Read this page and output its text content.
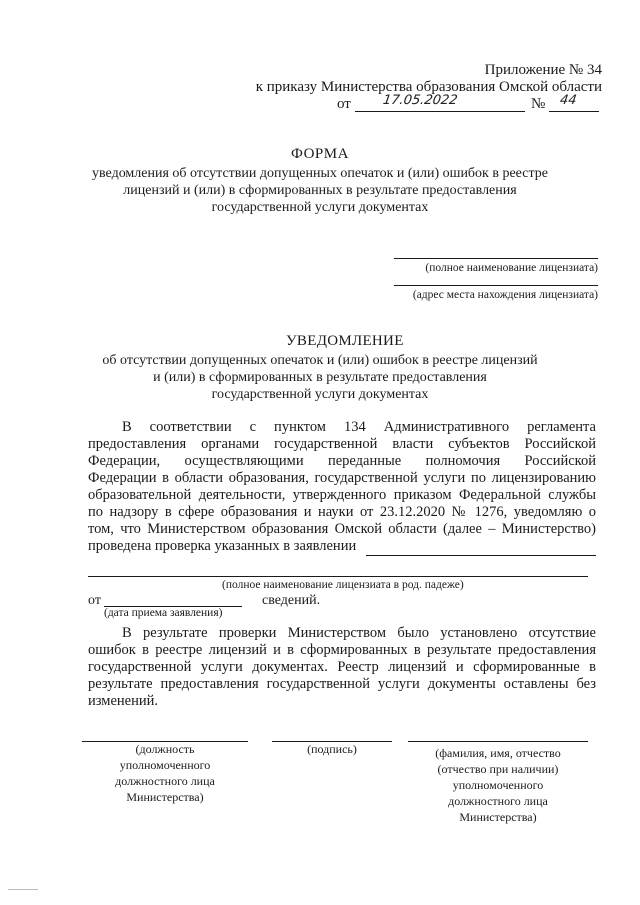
Приложение № 34
к приказу Министерства образования Омской области
от 17.05.2022	№ 44
ФОРМА
уведомления об отсутствии допущенных опечаток и (или) ошибок в реестре
лицензий и (или) в сформированных в результате предоставления
государственной услуги документах
(полное наименование лицензиата)
(адрес места нахождения лицензиата)
УВЕДОМЛЕНИЕ
об отсутствии допущенных опечаток и (или) ошибок в реестре лицензий
и (или) в сформированных в результате предоставления
государственной услуги документах
В соответствии с пунктом 134 Административного регламента
предоставления органами государственной власти субъектов Российской
Федерации, осуществляющими переданные полномочия Российской
Федерации в области образования, государственной услуги по лицензированию
образовательной деятельности, утвержденного приказом Федеральной службы
по надзору в сфере образования и науки от 23.12.2020 № 1276, уведомляю о
том, что Министерством образования Омской области (далее – Министерство)
проведена проверка указанных в заявлении
(полное наименование лицензиата в род. падеже)
от	сведений.
(дата приема заявления)
В результате проверки Министерством было установлено отсутствие
ошибок в реестре лицензий и в сформированных в результате предоставления
государственной услуги документах. Реестр лицензий и сформированные в
результате предоставления государственной услуги документы оставлены без
изменений.
(должность
уполномоченного
должностного лица
Министерства)
(подпись)	(фамилия, имя, отчество
(отчество при наличии)
уполномоченного
должностного лица
Министерства)
